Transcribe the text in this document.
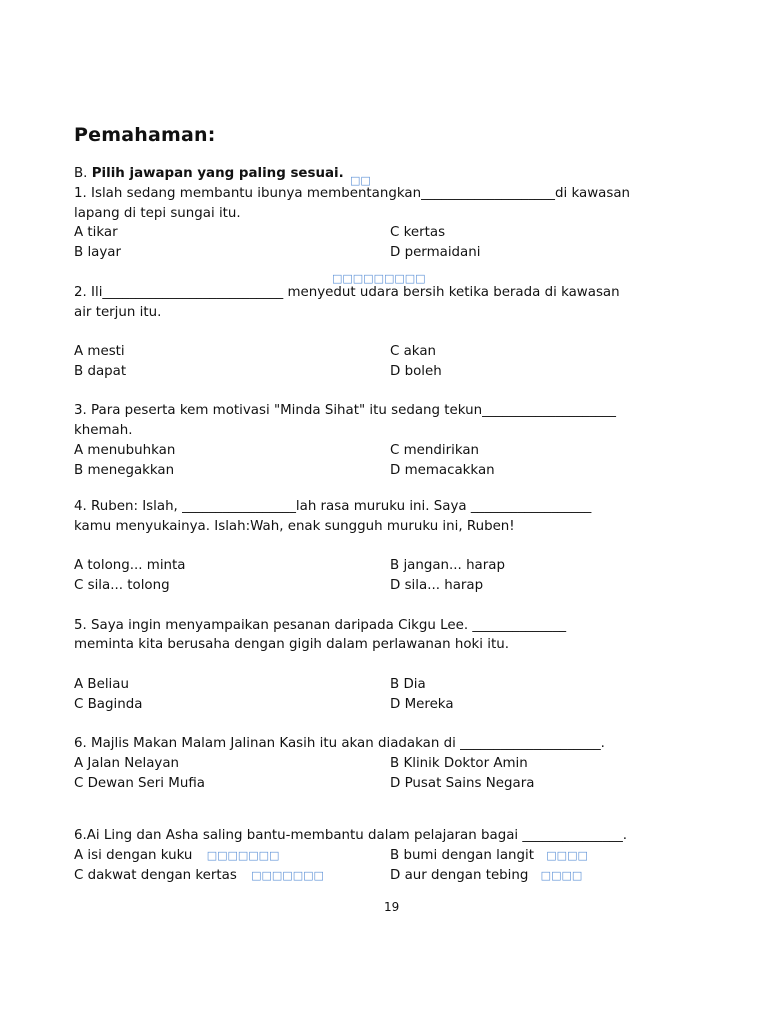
Pemahaman:
B. Pilih jawapan yang paling sesuai. □□
1. Islah sedang membantu ibunya membentangkan____________________di kawasan
lapang di tepi sungai itu.
A tikar	C kertas
B layar	D permaidani
□□□□□□□□□
2. Ili___________________________ menyedut udara bersih ketika berada di kawasan
air terjun itu.
A mesti	C akan
B dapat	D boleh
3. Para peserta kem motivasi "Minda Sihat" itu sedang tekun____________________
khemah.
A menubuhkan	C mendirikan
B menegakkan	D memacakkan
4. Ruben: Islah, _________________lah rasa muruku ini. Saya __________________
kamu menyukainya. Islah:Wah, enak sungguh muruku ini, Ruben!
A tolong... minta	B jangan... harap
C sila... tolong	D sila... harap
5. Saya ingin menyampaikan pesanan daripada Cikgu Lee. ______________
meminta kita berusaha dengan gigih dalam perlawanan hoki itu.
A Beliau	B Dia
C Baginda	D Mereka
6. Majlis Makan Malam Jalinan Kasih itu akan diadakan di _____________________.
A Jalan Nelayan	B Klinik Doktor Amin
C Dewan Seri Mufia	D Pusat Sains Negara
6.Ai Ling dan Asha saling bantu-membantu dalam pelajaran bagai _______________.
A isi dengan kuku □□□□□□□	B bumi dengan langit □□□□
C dakwat dengan kertas □□□□□□□	D aur dengan tebing □□□□
19
